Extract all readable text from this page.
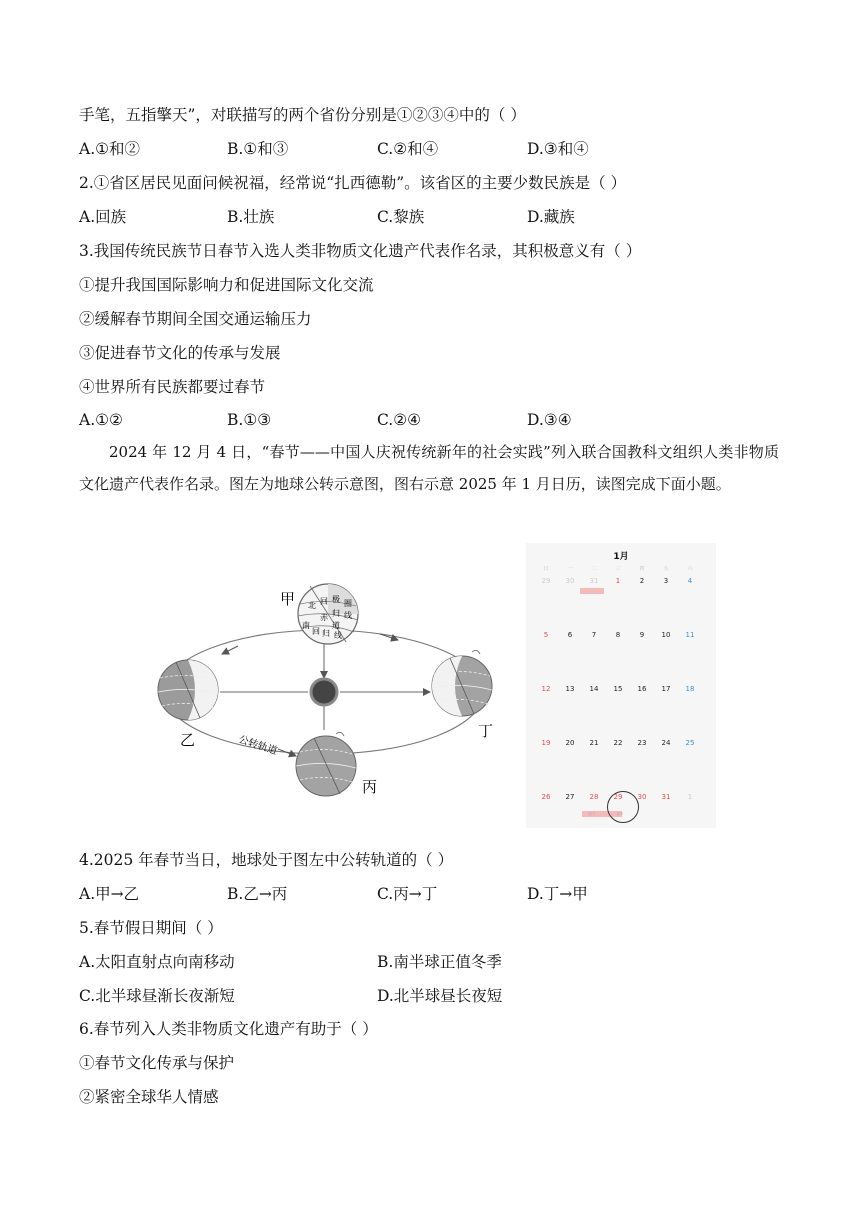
手笔，五指擎天”，对联描写的两个省份分别是①②③④中的（ ）
A.①和②	B.①和③	C.②和④	D.③和④
2.①省区居民见面问候祝福，经常说“扎西德勒”。该省区的主要少数民族是（ ）
A.回族	B.壮族	C.黎族	D.藏族
3.我国传统民族节日春节入选人类非物质文化遗产代表作名录，其积极意义有（ ）
①提升我国国际影响力和促进国际文化交流
②缓解春节期间全国交通运输压力
③促进春节文化的传承与发展
④世界所有民族都要过春节
A.①②	B.①③	C.②④	D.③④
2024 年 12 月 4 日，“春节——中国人庆祝传统新年的社会实践”列入联合国教科文组织人类非物质文化遗产代表作名录。图左为地球公转示意图，图右示意 2025 年 1 月日历，读图完成下面小题。
北 回 极 圈
归 线
赤
道
南
回 归 线
甲
乙
丙
丁
公转轨道
1月
日	一	二	三	四	五	六
29	30	31	1	2	3	4
5	6	7	8	9	10	11
12	13	14	15	16	17	18
19	20	21	22	23	24	25
26	27	28	29	30	31	1
除夕	春节
4.2025 年春节当日，地球处于图左中公转轨道的（ ）
A.甲→乙	B.乙→丙	C.丙→丁	D.丁→甲
5.春节假日期间（ ）
A.太阳直射点向南移动	B.南半球正值冬季
C.北半球昼渐长夜渐短	D.北半球昼长夜短
6.春节列入人类非物质文化遗产有助于（ ）
①春节文化传承与保护
②紧密全球华人情感
